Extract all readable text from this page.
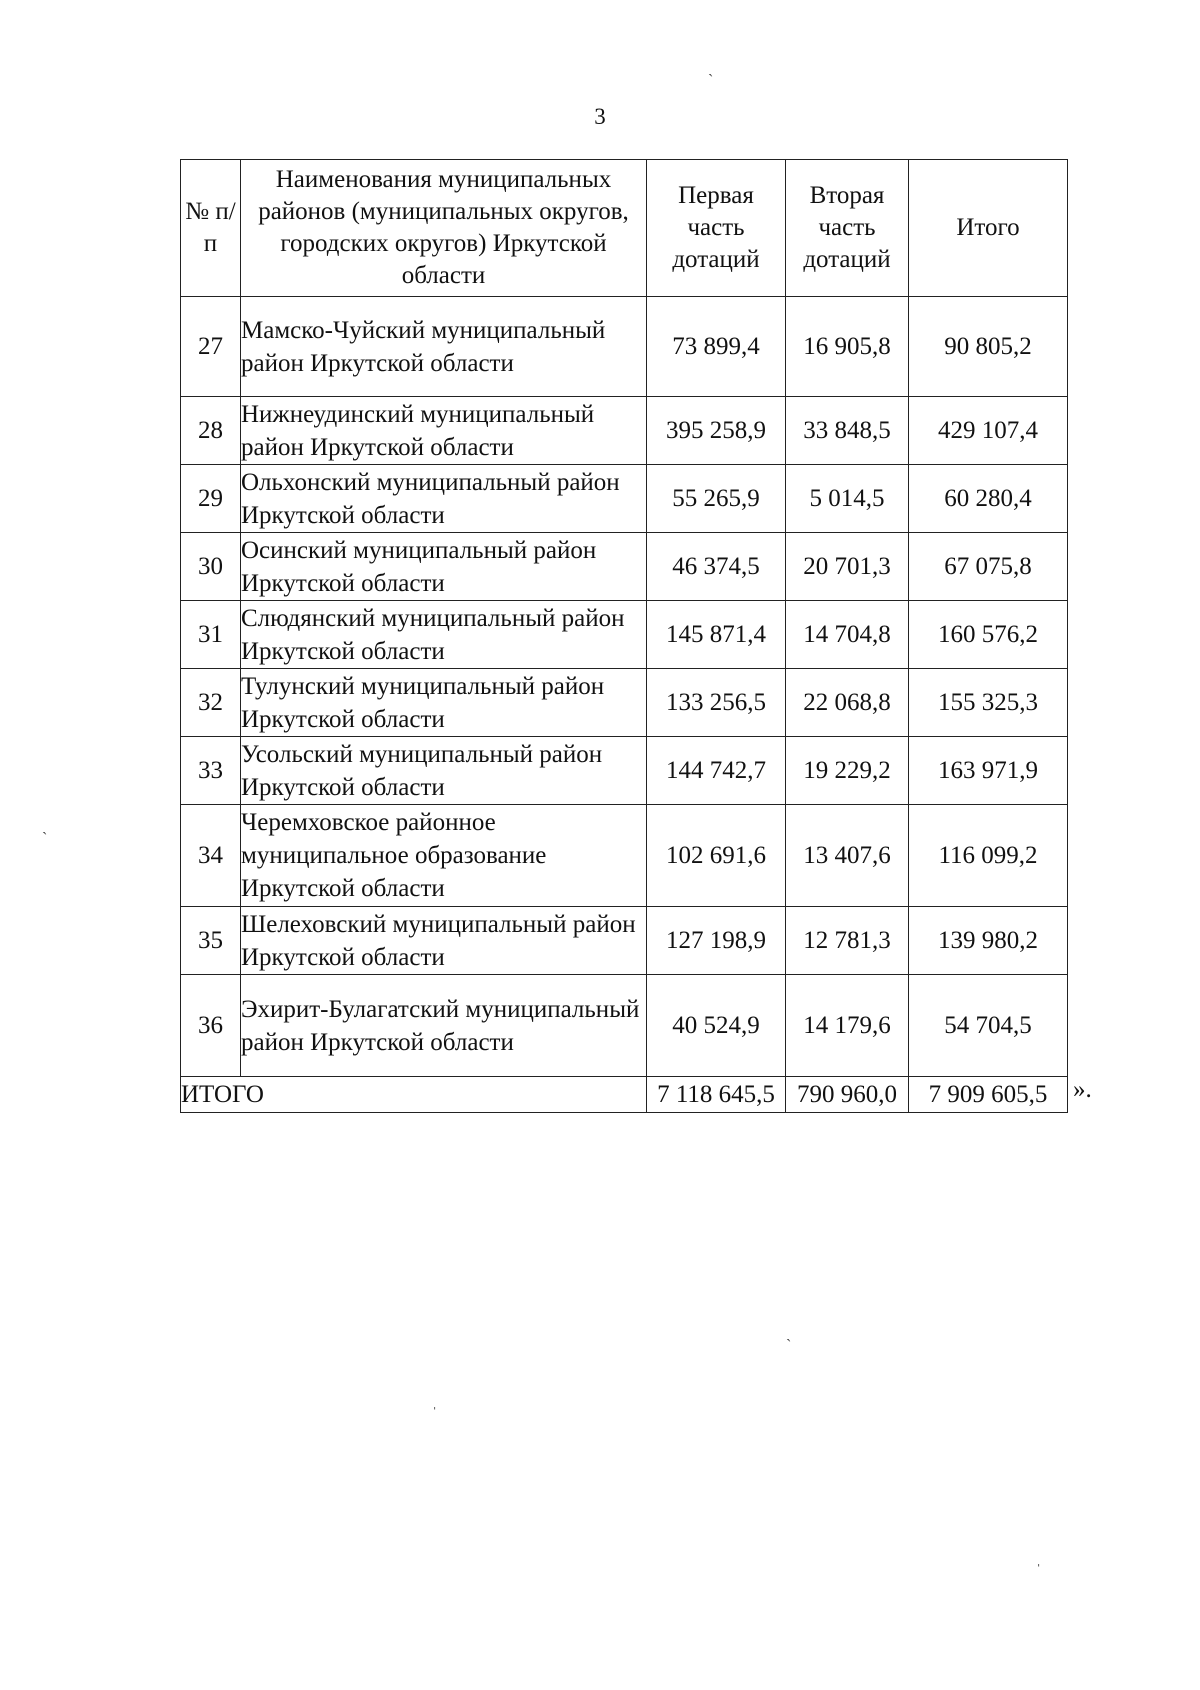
3
№ п/п	Наименования муниципальных районов (муниципальных округов, городских округов) Иркутской области	Первая часть дотаций	Вторая часть дотаций	Итого
27	Мамско-Чуйский муниципальный район Иркутской области	73 899,4	16 905,8	90 805,2
28	Нижнеудинский муниципальный район Иркутской области	395 258,9	33 848,5	429 107,4
29	Ольхонский муниципальный район Иркутской области	55 265,9	5 014,5	60 280,4
30	Осинский муниципальный район Иркутской области	46 374,5	20 701,3	67 075,8
31	Слюдянский муниципальный район Иркутской области	145 871,4	14 704,8	160 576,2
32	Тулунский муниципальный район Иркутской области	133 256,5	22 068,8	155 325,3
33	Усольский муниципальный район Иркутской области	144 742,7	19 229,2	163 971,9
34	Черемховское районное муниципальное образование Иркутской области	102 691,6	13 407,6	116 099,2
35	Шелеховский муниципальный район Иркутской области	127 198,9	12 781,3	139 980,2
36	Эхирит-Булагатский муниципальный район Иркутской области	40 524,9	14 179,6	54 704,5
ИТОГО		7 118 645,5	790 960,0	7 909 605,5 ».
ˏ
ˏ
ˈ
ˈ
ˏ
